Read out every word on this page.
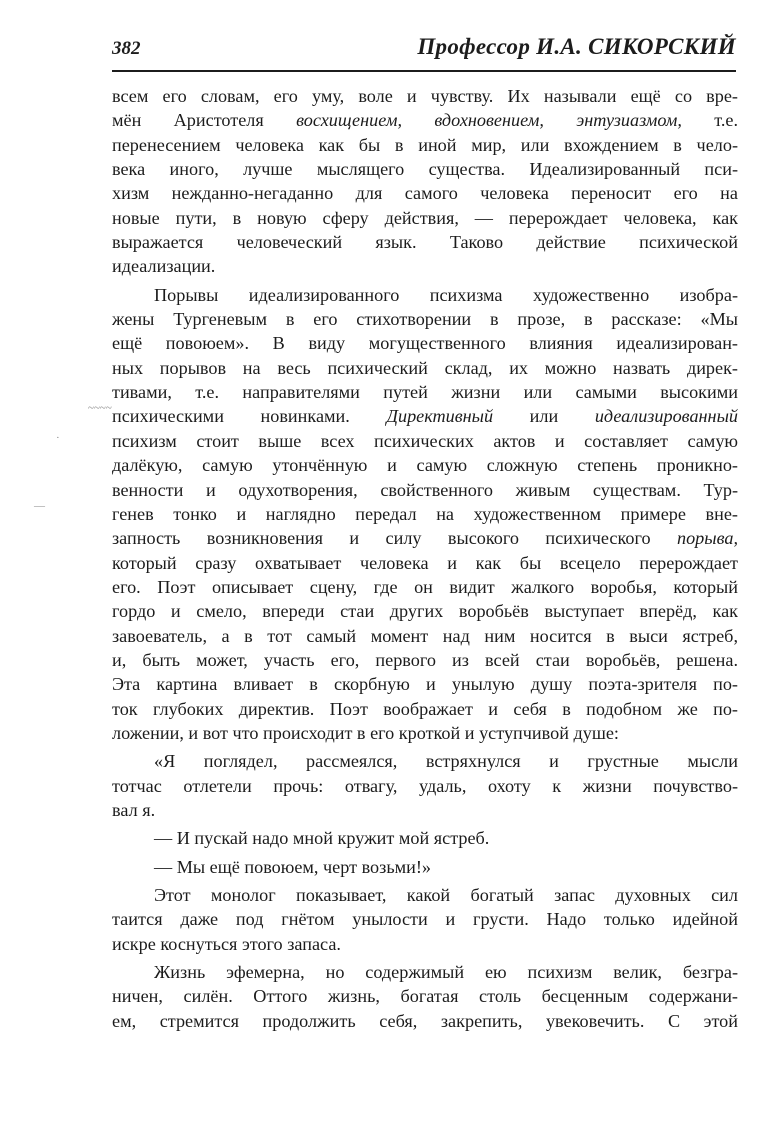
382	Профессор И.А. СИКОРСКИЙ
всем его словам, его уму, воле и чувству. Их называли ещё со вре-
мён Аристотеля восхищением, вдохновением, энтузиазмом, т.е.
перенесением человека как бы в иной мир, или вхождением в чело-
века иного, лучше мыслящего существа. Идеализированный пси-
хизм нежданно-негаданно для самого человека переносит его на
новые пути, в новую сферу действия, — перерождает человека, как
выражается человеческий язык. Таково действие психической
идеализации.
Порывы идеализированного психизма художественно изобра-
жены Тургеневым в его стихотворении в прозе, в рассказе: «Мы
ещё повоюем». В виду могущественного влияния идеализирован-
ных порывов на весь психический склад, их можно назвать дирек-
тивами, т.е. направителями путей жизни или самыми высокими
психическими новинками. Директивный или идеализированный
психизм стоит выше всех психических актов и составляет самую
далёкую, самую утончённую и самую сложную степень проникно-
венности и одухотворения, свойственного живым существам. Тур-
генев тонко и наглядно передал на художественном примере вне-
запность возникновения и силу высокого психического порыва,
который сразу охватывает человека и как бы всецело перерождает
его. Поэт описывает сцену, где он видит жалкого воробья, который
гордо и смело, впереди стаи других воробьёв выступает вперёд, как
завоеватель, а в тот самый момент над ним носится в выси ястреб,
и, быть может, участь его, первого из всей стаи воробьёв, решена.
Эта картина вливает в скорбную и унылую душу поэта-зрителя по-
ток глубоких директив. Поэт воображает и себя в подобном же по-
ложении, и вот что происходит в его кроткой и уступчивой душе:
«Я поглядел, рассмеялся, встряхнулся и грустные мысли
тотчас отлетели прочь: отвагу, удаль, охоту к жизни почувство-
вал я.
— И пускай надо мной кружит мой ястреб.
— Мы ещё повоюем, черт возьми!»
Этот монолог показывает, какой богатый запас духовных сил
таится даже под гнётом унылости и грусти. Надо только идейной
искре коснуться этого запаса.
Жизнь эфемерна, но содержимый ею психизм велик, безгра-
ничен, силён. Оттого жизнь, богатая столь бесценным содержани-
ем, стремится продолжить себя, закрепить, увековечить. С этой
~~~~
·
—
